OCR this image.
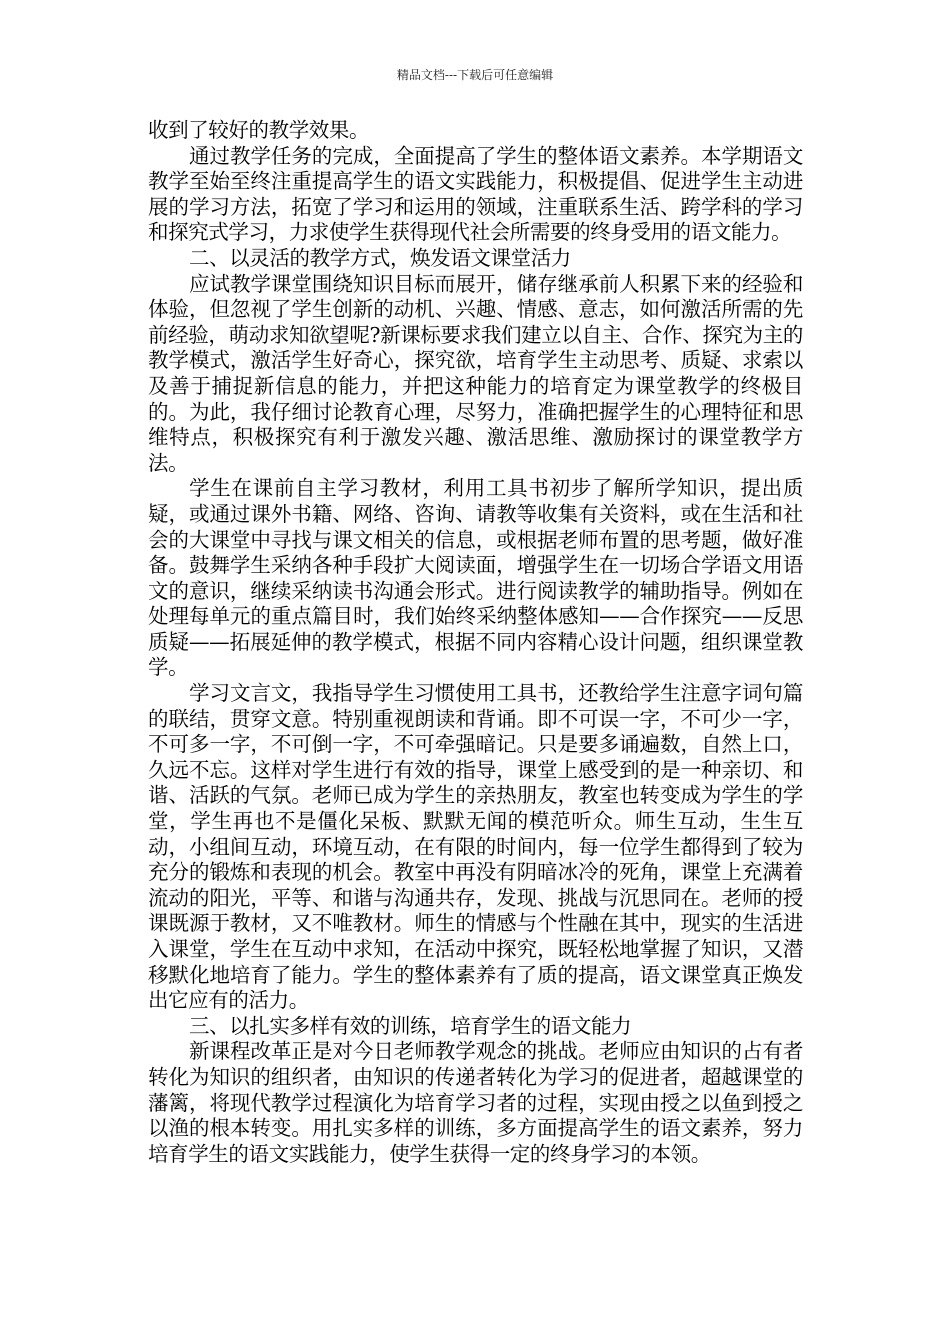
精品文档---下载后可任意编辑

收到了较好的教学效果。

通过教学任务的完成，全面提高了学生的整体语文素养。本学期语文教学至始至终注重提高学生的语文实践能力，积极提倡、促进学生主动进展的学习方法，拓宽了学习和运用的领域，注重联系生活、跨学科的学习和探究式学习，力求使学生获得现代社会所需要的终身受用的语文能力。

二、以灵活的教学方式，焕发语文课堂活力

应试教学课堂围绕知识目标而展开，储存继承前人积累下来的经验和体验，但忽视了学生创新的动机、兴趣、情感、意志，如何激活所需的先前经验，萌动求知欲望呢?新课标要求我们建立以自主、合作、探究为主的教学模式，激活学生好奇心，探究欲，培育学生主动思考、质疑、求索以及善于捕捉新信息的能力，并把这种能力的培育定为课堂教学的终极目的。为此，我仔细讨论教育心理，尽努力，准确把握学生的心理特征和思维特点，积极探究有利于激发兴趣、激活思维、激励探讨的课堂教学方法。

学生在课前自主学习教材，利用工具书初步了解所学知识，提出质疑，或通过课外书籍、网络、咨询、请教等收集有关资料，或在生活和社会的大课堂中寻找与课文相关的信息，或根据老师布置的思考题，做好准备。鼓舞学生采纳各种手段扩大阅读面，增强学生在一切场合学语文用语文的意识，继续采纳读书沟通会形式。进行阅读教学的辅助指导。例如在处理每单元的重点篇目时，我们始终采纳整体感知——合作探究——反思质疑——拓展延伸的教学模式，根据不同内容精心设计问题，组织课堂教学。

学习文言文，我指导学生习惯使用工具书，还教给学生注意字词句篇的联结，贯穿文意。特别重视朗读和背诵。即不可误一字，不可少一字，不可多一字，不可倒一字，不可牵强暗记。只是要多诵遍数，自然上口，久远不忘。这样对学生进行有效的指导，课堂上感受到的是一种亲切、和谐、活跃的气氛。老师已成为学生的亲热朋友，教室也转变成为学生的学堂，学生再也不是僵化呆板、默默无闻的模范听众。师生互动，生生互动，小组间互动，环境互动，在有限的时间内，每一位学生都得到了较为充分的锻炼和表现的机会。教室中再没有阴暗冰冷的死角，课堂上充满着流动的阳光，平等、和谐与沟通共存，发现、挑战与沉思同在。老师的授课既源于教材，又不唯教材。师生的情感与个性融在其中，现实的生活进入课堂，学生在互动中求知，在活动中探究，既轻松地掌握了知识，又潜移默化地培育了能力。学生的整体素养有了质的提高，语文课堂真正焕发出它应有的活力。

三、以扎实多样有效的训练，培育学生的语文能力

新课程改革正是对今日老师教学观念的挑战。老师应由知识的占有者转化为知识的组织者，由知识的传递者转化为学习的促进者，超越课堂的藩篱，将现代教学过程演化为培育学习者的过程，实现由授之以鱼到授之以渔的根本转变。用扎实多样的训练，多方面提高学生的语文素养，努力培育学生的语文实践能力，使学生获得一定的终身学习的本领。
